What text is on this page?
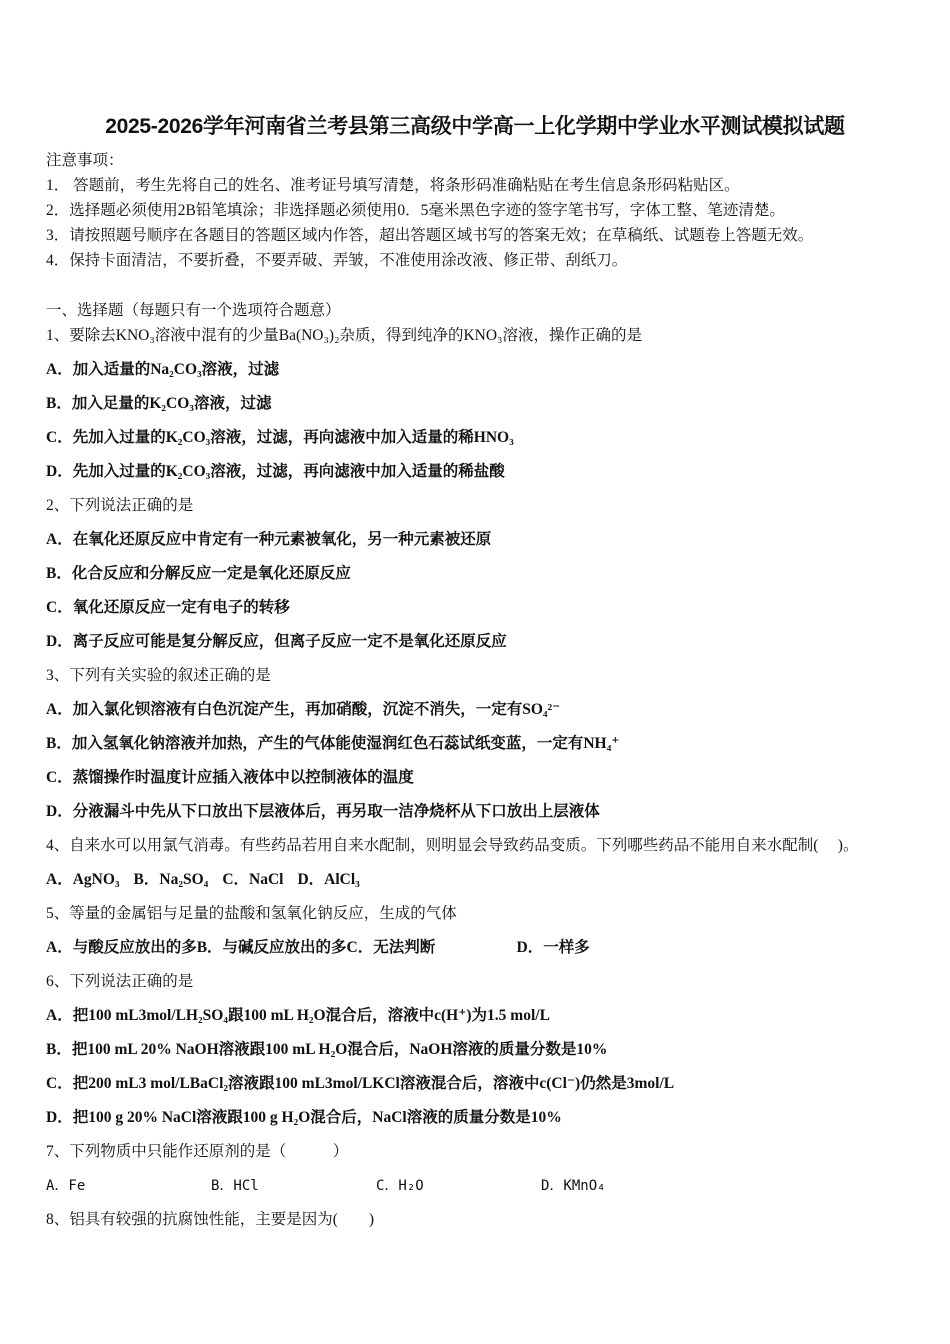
2025-2026学年河南省兰考县第三高级中学高一上化学期中学业水平测试模拟试题
注意事项：
1． 答题前，考生先将自己的姓名、准考证号填写清楚，将条形码准确粘贴在考生信息条形码粘贴区。
2．选择题必须使用2B铅笔填涂；非选择题必须使用0．5毫米黑色字迹的签字笔书写，字体工整、笔迹清楚。
3．请按照题号顺序在各题目的答题区域内作答，超出答题区域书写的答案无效；在草稿纸、试题卷上答题无效。
4．保持卡面清洁，不要折叠，不要弄破、弄皱，不准使用涂改液、修正带、刮纸刀。
一、选择题（每题只有一个选项符合题意）
1、要除去KNO₃溶液中混有的少量Ba(NO₃)₂杂质，得到纯净的KNO₃溶液，操作正确的是
A．加入适量的Na₂CO₃溶液，过滤
B．加入足量的K₂CO₃溶液，过滤
C．先加入过量的K₂CO₃溶液，过滤，再向滤液中加入适量的稀HNO₃
D．先加入过量的K₂CO₃溶液，过滤，再向滤液中加入适量的稀盐酸
2、下列说法正确的是
A．在氧化还原反应中肯定有一种元素被氧化，另一种元素被还原
B．化合反应和分解反应一定是氧化还原反应
C．氧化还原反应一定有电子的转移
D．离子反应可能是复分解反应，但离子反应一定不是氧化还原反应
3、下列有关实验的叙述正确的是
A．加入氯化钡溶液有白色沉淀产生，再加硝酸，沉淀不消失，一定有SO₄²⁻
B．加入氢氧化钠溶液并加热，产生的气体能使湿润红色石蕊试纸变蓝，一定有NH₄⁺
C．蒸馏操作时温度计应插入液体中以控制液体的温度
D．分液漏斗中先从下口放出下层液体后，再另取一洁净烧杯从下口放出上层液体
4、自来水可以用氯气消毒。有些药品若用自来水配制，则明显会导致药品变质。下列哪些药品不能用自来水配制(　 )。
A．AgNO₃ B．Na₂SO₄ C．NaCl D．AlCl₃
5、等量的金属铝与足量的盐酸和氢氧化钠反应，生成的气体
A．与酸反应放出的多B．与碱反应放出的多C．无法判断	D．一样多
6、下列说法正确的是
A．把100 mL3mol/LH₂SO₄跟100 mL H₂O混合后，溶液中c(H⁺)为1.5 mol/L
B．把100 mL 20% NaOH溶液跟100 mL H₂O混合后，NaOH溶液的质量分数是10%
C．把200 mL3 mol/LBaCl₂溶液跟100 mL3mol/LKCl溶液混合后，溶液中c(Cl⁻)仍然是3mol/L
D．把100 g 20% NaCl溶液跟100 g H₂O混合后，NaCl溶液的质量分数是10%
7、下列物质中只能作还原剂的是（　　　）
A．Fe	B．HCl	C．H₂O	D．KMnO₄
8、铝具有较强的抗腐蚀性能，主要是因为(　　)
